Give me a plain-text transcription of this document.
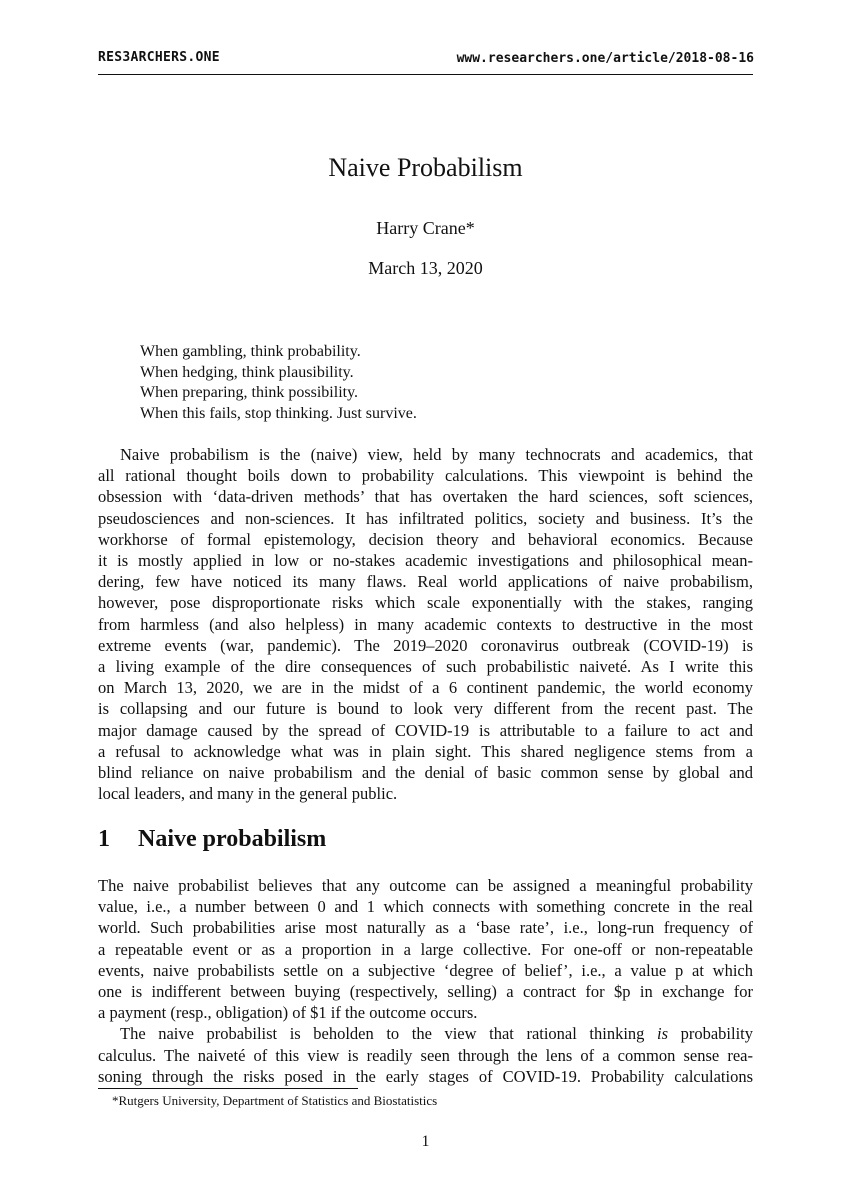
RES3ARCHERS.ONE	www.researchers.one/article/2018-08-16
Naive Probabilism
Harry Crane*
March 13, 2020
When gambling, think probability.
When hedging, think plausibility.
When preparing, think possibility.
When this fails, stop thinking. Just survive.
Naive probabilism is the (naive) view, held by many technocrats and academics, that
all rational thought boils down to probability calculations. This viewpoint is behind the
obsession with ‘data-driven methods’ that has overtaken the hard sciences, soft sciences,
pseudosciences and non-sciences. It has infiltrated politics, society and business. It’s the
workhorse of formal epistemology, decision theory and behavioral economics. Because
it is mostly applied in low or no-stakes academic investigations and philosophical mean-
dering, few have noticed its many flaws. Real world applications of naive probabilism,
however, pose disproportionate risks which scale exponentially with the stakes, ranging
from harmless (and also helpless) in many academic contexts to destructive in the most
extreme events (war, pandemic). The 2019–2020 coronavirus outbreak (COVID-19) is
a living example of the dire consequences of such probabilistic naiveté. As I write this
on March 13, 2020, we are in the midst of a 6 continent pandemic, the world economy
is collapsing and our future is bound to look very different from the recent past. The
major damage caused by the spread of COVID-19 is attributable to a failure to act and
a refusal to acknowledge what was in plain sight. This shared negligence stems from a
blind reliance on naive probabilism and the denial of basic common sense by global and
local leaders, and many in the general public.
1 Naive probabilism
The naive probabilist believes that any outcome can be assigned a meaningful probability
value, i.e., a number between 0 and 1 which connects with something concrete in the real
world. Such probabilities arise most naturally as a ‘base rate’, i.e., long-run frequency of
a repeatable event or as a proportion in a large collective. For one-off or non-repeatable
events, naive probabilists settle on a subjective ‘degree of belief’, i.e., a value p at which
one is indifferent between buying (respectively, selling) a contract for $p in exchange for
a payment (resp., obligation) of $1 if the outcome occurs.
The naive probabilist is beholden to the view that rational thinking is probability
calculus. The naiveté of this view is readily seen through the lens of a common sense rea-
soning through the risks posed in the early stages of COVID-19. Probability calculations
*Rutgers University, Department of Statistics and Biostatistics
1
